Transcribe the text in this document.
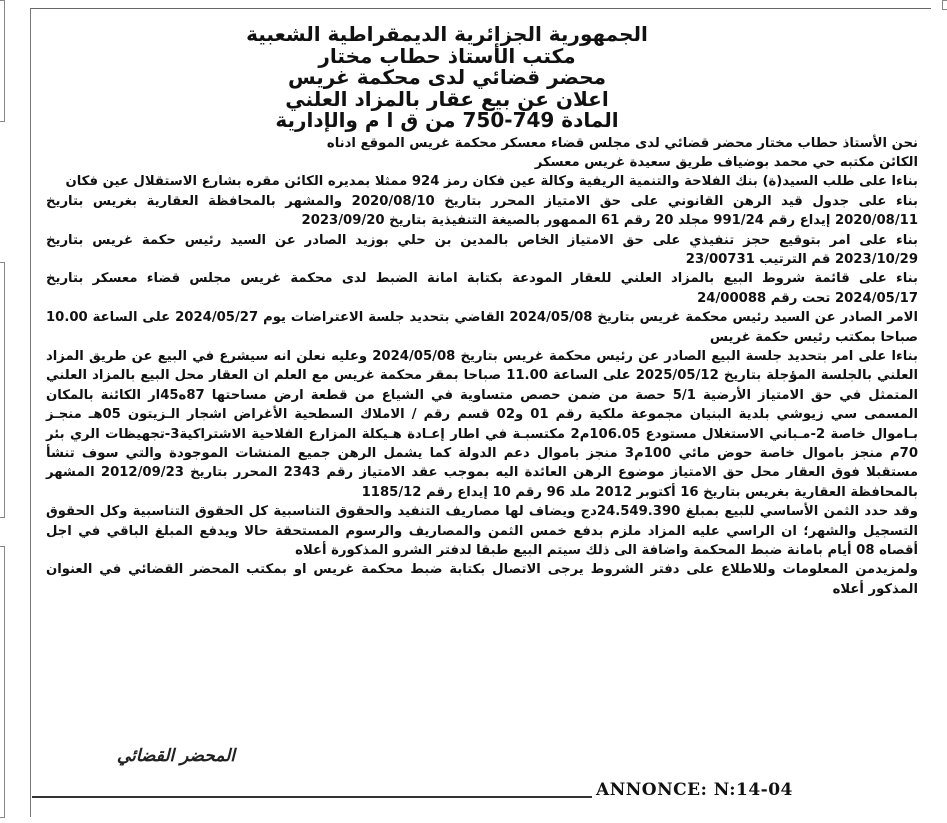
الجمهورية الجزائرية الديمقراطية الشعبية
مكتب الأستاذ حطاب مختار
محضر قضائي لدى محكمة غريس
اعلان عن بيع عقار بالمزاد العلني
المادة 749-750 من ق ا م والإدارية

نحن الأستاذ حطاب مختار محضر قضائي لدى مجلس قضاء معسكر محكمة غريس الموقع ادناه

الكائن مكتبه حي محمد بوضياف طريق سعيدة غريس معسكر

بناءا على طلب السيد(ة) بنك الفلاحة والتنمية الريفية وكالة عين فكان رمز 924 ممثلا بمديره الكائن مقره بشارع الاستقلال عين فكان

بناء على جدول قيد الرهن القانوني على حق الامتياز المحرر بتاريخ 2020/08/10 والمشهر بالمحافظة العقارية بغريس بتاريخ 2020/08/11 إيداع رقم 991/24 مجلد 20 رقم 61 الممهور بالصيغة التنفيذية بتاريخ 2023/09/20

بناء على امر بتوقيع حجز تنفيذي على حق الامتياز الخاص بالمدين بن حلي بوزيد الصادر عن السيد رئيس حكمة غريس بتاريخ 2023/10/29 قم الترتيب 23/00731

بناء على قائمة شروط البيع بالمزاد العلني للعقار المودعة بكتابة امانة الضبط لدى محكمة غريس مجلس قضاء معسكر بتاريخ 2024/05/17 تحت رقم 24/00088

الامر الصادر عن السيد رئيس محكمة غريس بتاريخ 2024/05/08 القاضي بتحديد جلسة الاعتراضات يوم 2024/05/27 على الساعة 10.00 صباحا بمكتب رئيس حكمة غريس

بناءا على امر بتحديد جلسة البيع الصادر عن رئيس محكمة غريس بتاريخ 2024/05/08 وعليه نعلن انه سيشرع في البيع عن طريق المزاد العلني بالجلسة المؤجلة بتاريخ 2025/05/12 على الساعة 11.00 صباحا بمقر محكمة غريس مع العلم ان العقار محل البيع بالمزاد العلني المتمثل في حق الامتياز الأرضية 5/1 حصة من ضمن حصص متساوية في الشياع من قطعة ارض مساحتها 87ه45ار الكائنة بالمكان المسمى سي زيوشي بلدية البنيان مجموعة ملكية رقم 01 و02 قسم رقم / الاملاك السطحية الأغراض اشجار الـزيتون 05هـ منجـز بـاموال خاصة 2-مـباني الاستغلال مستودع 106.05م2 مكتسبـة في اطار إعـادة هـيكلة المزارع الفلاحية الاشتراكية3-تجهيظات الري بئر 70م منجز باموال خاصة حوض مائي 100م3 منجز باموال دعم الدولة كما يشمل الرهن جميع المنشات الموجودة والتي سوف تنشأ مستقبلا فوق العقار محل حق الامتياز موضوع الرهن العائدة اليه بموجب عقد الامتياز رقم 2343 المحرر بتاريخ 2012/09/23 المشهر بالمحافظة العقارية بغريس بتاريخ 16 أكتوبر 2012 ملد 96 رقم 10 إيداع رقم 1185/12

وقد حدد الثمن الأساسي للبيع بمبلغ 24.549.390دج ويضاف لها مصاريف التنفيد والحقوق التناسبية كل الحقوق التناسبية وكل الحقوق التسجيل والشهر؛ ان الراسي عليه المزاد ملزم بدفع خمس الثمن والمصاريف والرسوم المستحقة حالا ويدفع المبلغ الباقي في اجل أقصاه 08 أيام بامانة ضبط المحكمة واضافة الى ذلك سيتم البيع طبقا لدفتر الشرو المذكورة أعلاه

ولمزيدمن المعلومات وللاطلاع على دفتر الشروط يرجى الاتصال بكتابة ضبط محكمة غريس او بمكتب المحضر القضائي في العنوان المذكور أعلاه

المحضر القضائي
ANNONCE: N:14-04
